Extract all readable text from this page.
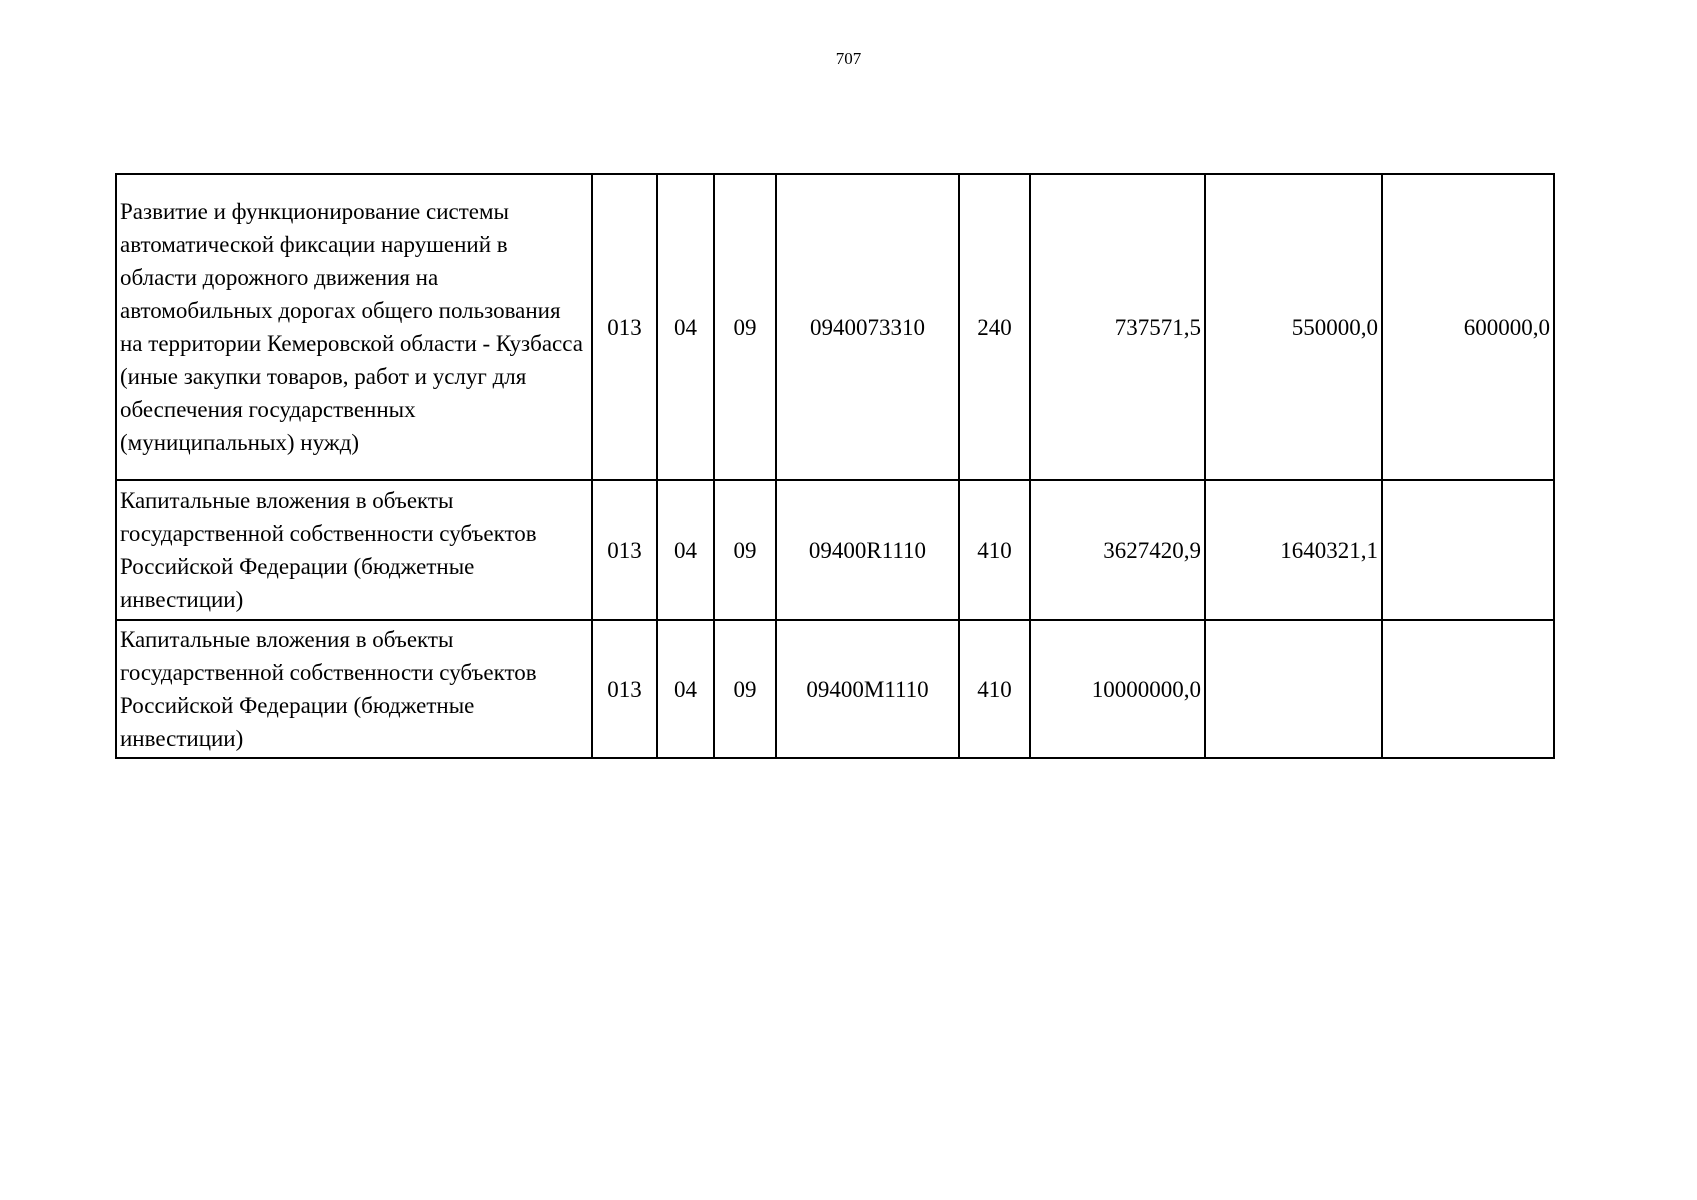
707
Развитие и функционирование системы автоматической фиксации нарушений в области дорожного движения на автомобильных дорогах общего пользования на территории Кемеровской области - Кузбасса (иные закупки товаров, работ и услуг для обеспечения государственных (муниципальных) нужд)	013	04	09	0940073310	240	737571,5	550000,0	600000,0
Капитальные вложения в объекты государственной собственности субъектов Российской Федерации (бюджетные инвестиции)	013	04	09	09400R1110	410	3627420,9	1640321,1	
Капитальные вложения в объекты государственной собственности субъектов Российской Федерации (бюджетные инвестиции)	013	04	09	09400M1110	410	10000000,0		
